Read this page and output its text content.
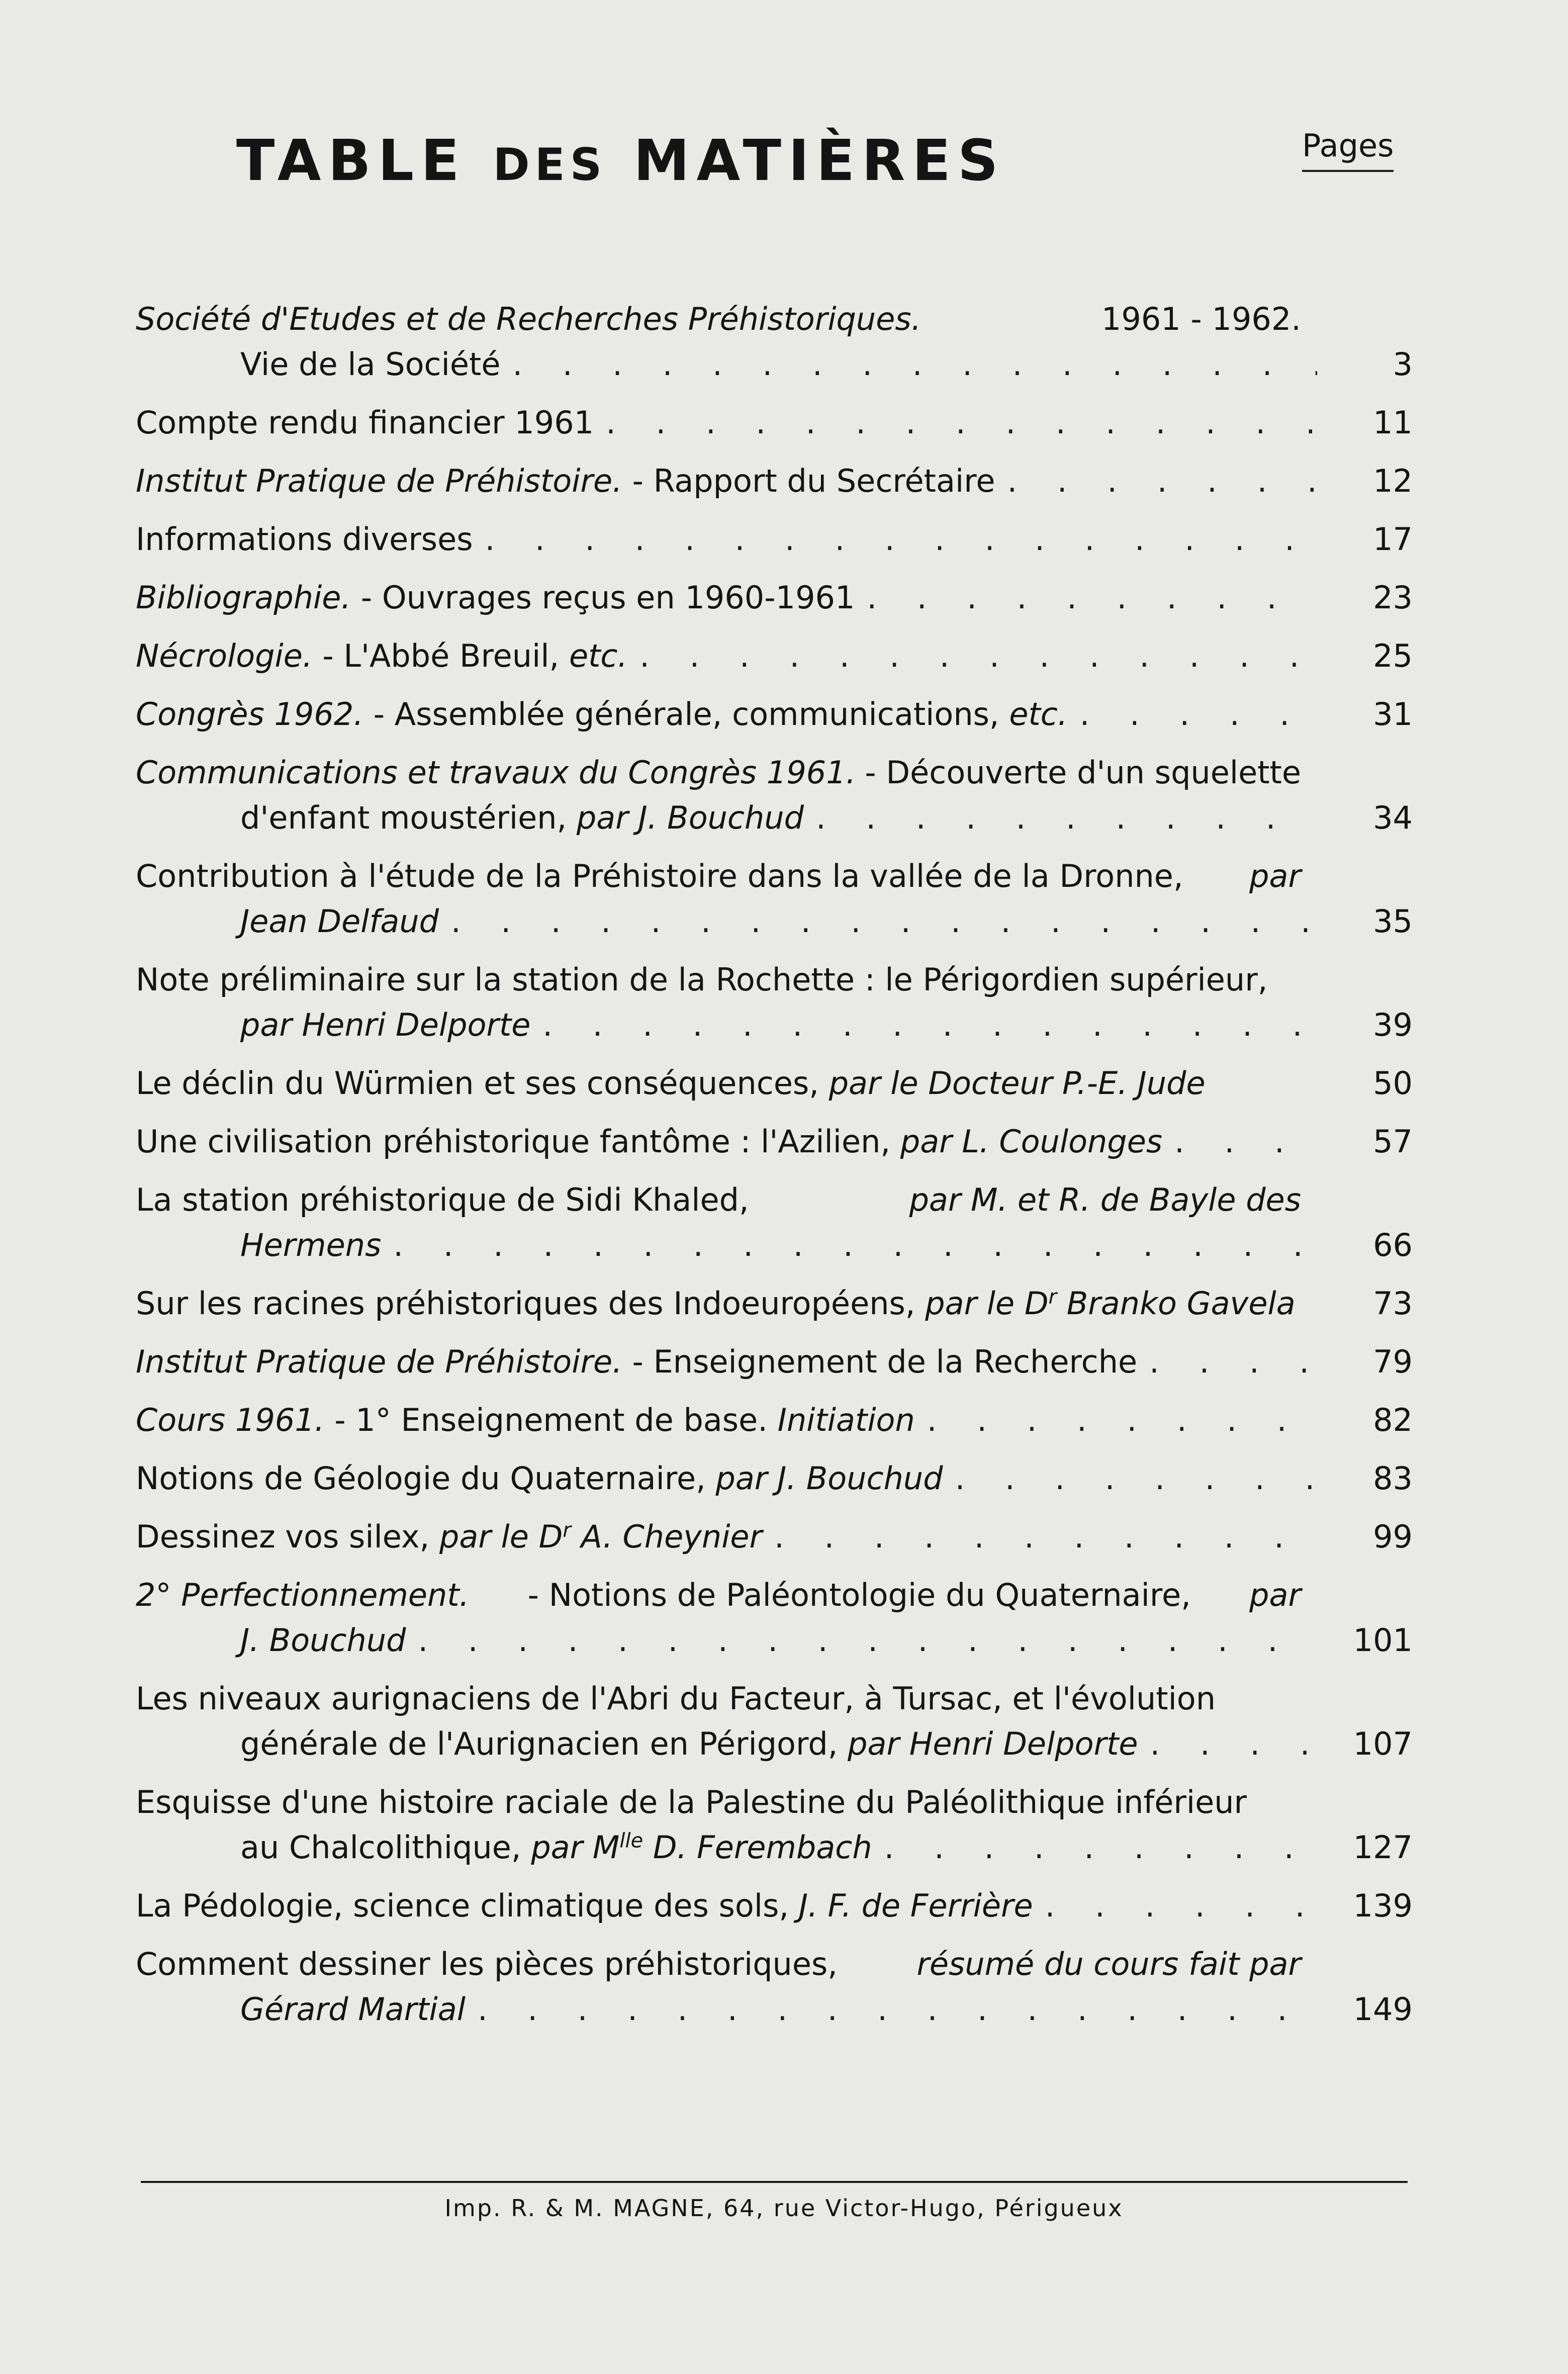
TABLE DES MATIÈRES	Pages
Société d'Etudes et de Recherches Préhistoriques.	1961 - 1962.
Vie de la Société . . .	3
Compte rendu financier 1961 . . .	11
Institut Pratique de Préhistoire. - Rapport du Secrétaire . . .	12
Informations diverses . . .	17
Bibliographie. - Ouvrages reçus en 1960-1961 . . .	23
Nécrologie. - L'Abbé Breuil, etc. . . .	25
Congrès 1962. - Assemblée générale, communications, etc. . . .	31
Communications et travaux du Congrès 1961. - Découverte d'un squelette
d'enfant moustérien, par J. Bouchud . . .	34
Contribution à l'étude de la Préhistoire dans la vallée de la Dronne, par
Jean Delfaud . . .	35
Note préliminaire sur la station de la Rochette : le Périgordien supérieur,
par Henri Delporte . . .	39
Le déclin du Würmien et ses conséquences, par le Docteur P.-E. Jude	50
Une civilisation préhistorique fantôme : l'Azilien, par L. Coulonges . . .	57
La station préhistorique de Sidi Khaled,	par M. et R. de Bayle des
Hermens . . .	66
Sur les racines préhistoriques des Indoeuropéens, par le $D^r$ Branko Gavela	73
Institut Pratique de Préhistoire. - Enseignement de la Recherche . . .	79
Cours 1961. - 1° Enseignement de base. Initiation . . .	82
Notions de Géologie du Quaternaire, par J. Bouchud . . .	83
Dessinez vos silex, par le $D^r$ A. Cheynier . . .	99
2° Perfectionnement. - Notions de Paléontologie du Quaternaire, par
J. Bouchud . . .	101
Les niveaux aurignaciens de l'Abri du Facteur, à Tursac, et l'évolution
générale de l'Aurignacien en Périgord, par Henri Delporte . . .	107
Esquisse d'une histoire raciale de la Palestine du Paléolithique inférieur
au Chalcolithique, par $M^{lle}$ D. Ferembach . . .	127
La Pédologie, science climatique des sols, J. F. de Ferrière . . .	139
Comment dessiner les pièces préhistoriques,	résumé du cours fait par
Gérard Martial . . .	149
Imp. R. & M. MAGNE, 64, rue Victor-Hugo, Périgueux
